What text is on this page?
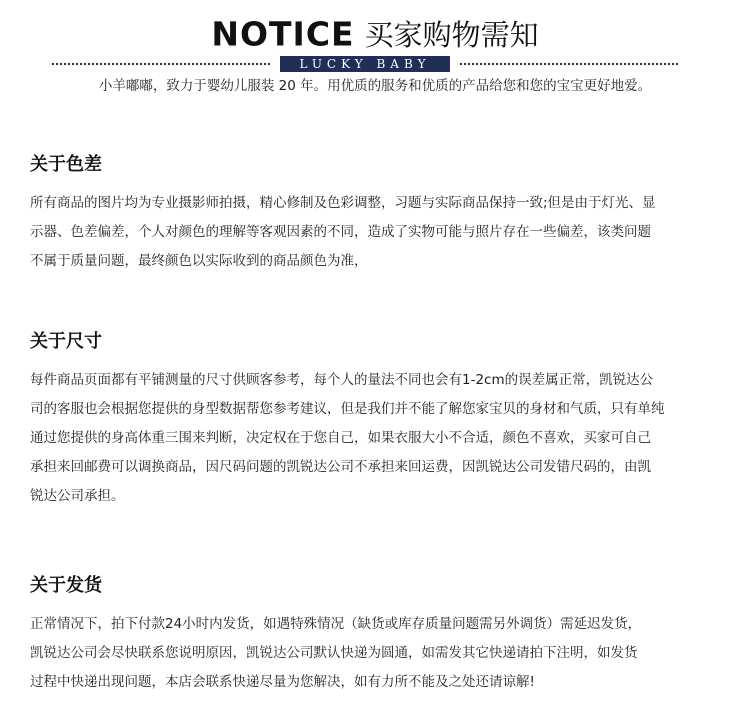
NOTICE 买家购物需知
LUCKY BABY
小羊嘟嘟，致力于婴幼儿服装 20 年。用优质的服务和优质的产品给您和您的宝宝更好地爱。
关于色差

所有商品的图片均为专业摄影师拍摄，精心修制及色彩调整，习题与实际商品保持一致;但是由于灯光、显
示器、色差偏差，个人对颜色的理解等客观因素的不同，造成了实物可能与照片存在一些偏差，该类问题
不属于质量问题，最终颜色以实际收到的商品颜色为准，

关于尺寸

每件商品页面都有平铺测量的尺寸供顾客参考，每个人的量法不同也会有1-2cm的误差属正常，凯锐达公
司的客服也会根据您提供的身型数据帮您参考建议，但是我们并不能了解您家宝贝的身材和气质，只有单纯
通过您提供的身高体重三围来判断，决定权在于您自己，如果衣服大小不合适，颜色不喜欢，买家可自己
承担来回邮费可以调换商品，因尺码问题的凯锐达公司不承担来回运费，因凯锐达公司发错尺码的，由凯
锐达公司承担。

关于发货

正常情况下，拍下付款24小时内发货，如遇特殊情况（缺货或库存质量问题需另外调货）需延迟发货，
凯锐达公司会尽快联系您说明原因，凯锐达公司默认快递为圆通，如需发其它快递请拍下注明，如发货
过程中快递出现问题，本店会联系快递尽量为您解决，如有力所不能及之处还请谅解!
